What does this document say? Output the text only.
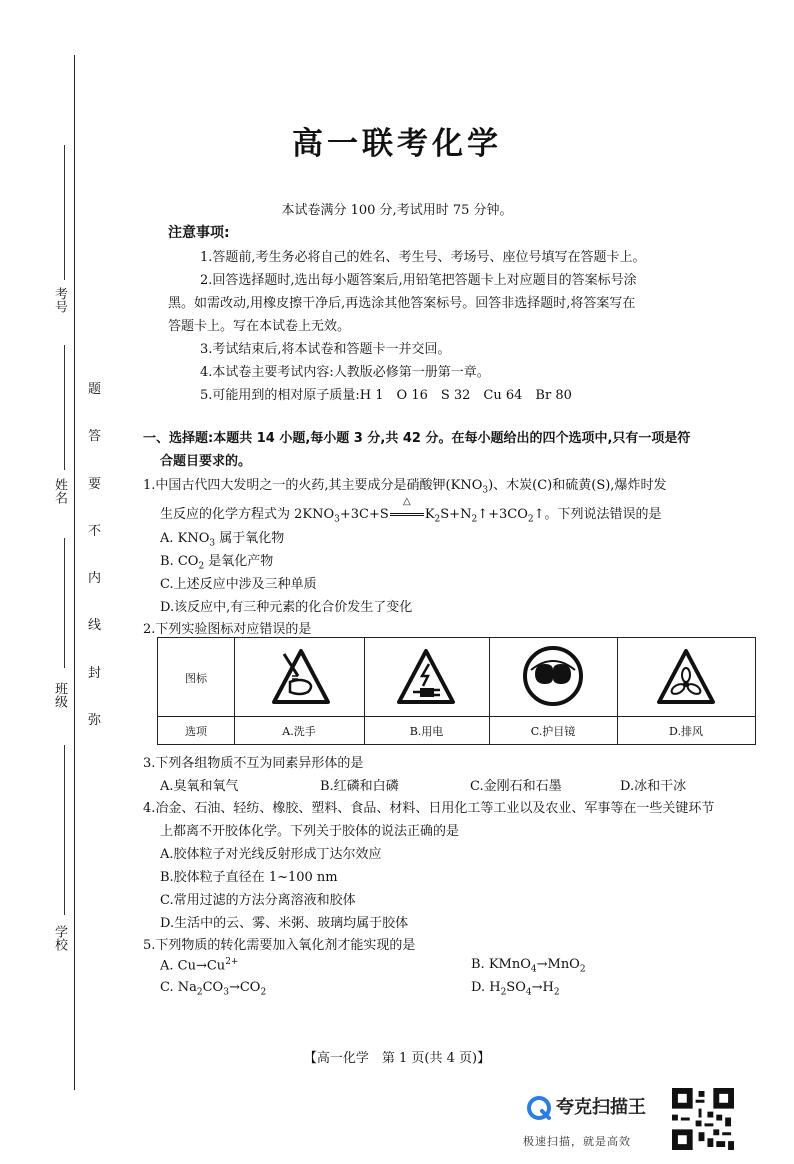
考号
姓名
班级
学校
题
答
要
不
内
线
封
弥
高一联考化学
本试卷满分 100 分,考试用时 75 分钟。
注意事项:
1.答题前,考生务必将自己的姓名、考生号、考场号、座位号填写在答题卡上。
2.回答选择题时,选出每小题答案后,用铅笔把答题卡上对应题目的答案标号涂
黑。如需改动,用橡皮擦干净后,再选涂其他答案标号。回答非选择题时,将答案写在
答题卡上。写在本试卷上无效。
3.考试结束后,将本试卷和答题卡一并交回。
4.本试卷主要考试内容:人教版必修第一册第一章。
5.可能用到的相对原子质量:H 1　O 16　S 32　Cu 64　Br 80
一、选择题:本题共 14 小题,每小题 3 分,共 42 分。在每小题给出的四个选项中,只有一项是符
合题目要求的。
1.中国古代四大发明之一的火药,其主要成分是硝酸钾$(KNO_3)$、木炭(C)和硫黄(S),爆炸时发
生反应的化学方程式为 $2KNO_3+3C+S$
△
$K_2S+N_2↑+3CO_2↑$。下列说法错误的是
A. $KNO_3$ 属于氧化物
B. $CO_2$ 是氧化产物
C.上述反应中涉及三种单质
D.该反应中,有三种元素的化合价发生了变化
2.下列实验图标对应错误的是
图标
选项	A.洗手	B.用电	C.护目镜	D.排风
3.下列各组物质不互为同素异形体的是
A.臭氧和氧气	B.红磷和白磷	C.金刚石和石墨	D.冰和干冰
4.冶金、石油、轻纺、橡胶、塑料、食品、材料、日用化工等工业以及农业、军事等在一些关键环节
上都离不开胶体化学。下列关于胶体的说法正确的是
A.胶体粒子对光线反射形成丁达尔效应
B.胶体粒子直径在 1~100 nm
C.常用过滤的方法分离溶液和胶体
D.生活中的云、雾、米粥、玻璃均属于胶体
5.下列物质的转化需要加入氧化剂才能实现的是
A. $Cu\to Cu^{2+}$	B. KMnO$_4$→MnO$_2$
C. $Na_2CO_3\to CO_2$	D. $H_2SO_4\to H_2$
【高一化学　第 1 页(共 4 页)】
夸克扫描王
极速扫描，就是高效
